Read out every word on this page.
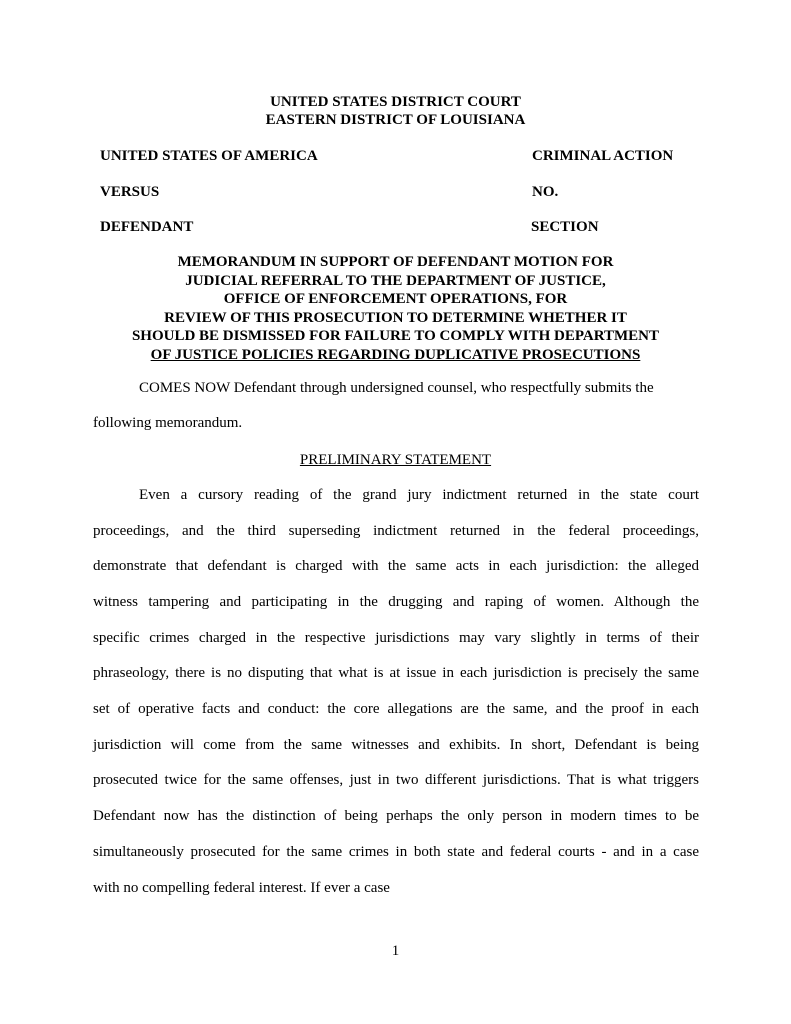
UNITED STATES DISTRICT COURT
EASTERN DISTRICT OF LOUISIANA
UNITED STATES OF AMERICA	CRIMINAL ACTION
VERSUS	NO.
DEFENDANT	SECTION
MEMORANDUM IN SUPPORT OF DEFENDANT MOTION FOR
JUDICIAL REFERRAL TO THE DEPARTMENT OF JUSTICE,
OFFICE OF ENFORCEMENT OPERATIONS, FOR
REVIEW OF THIS PROSECUTION TO DETERMINE WHETHER IT
SHOULD BE DISMISSED FOR FAILURE TO COMPLY WITH DEPARTMENT
OF JUSTICE POLICIES REGARDING DUPLICATIVE PROSECUTIONS
COMES NOW Defendant through undersigned counsel, who respectfully submits the
following memorandum.
PRELIMINARY STATEMENT
Even a cursory reading of the grand jury indictment returned in the state court
proceedings, and the third superseding indictment returned in the federal proceedings,
demonstrate that defendant is charged with the same acts in each jurisdiction: the alleged
witness tampering and participating in the drugging and raping of women. Although the
specific crimes charged in the respective jurisdictions may vary slightly in terms of their
phraseology, there is no disputing that what is at issue in each jurisdiction is precisely the same
set of operative facts and conduct: the core allegations are the same, and the proof in each
jurisdiction will come from the same witnesses and exhibits. In short, Defendant is being
prosecuted twice for the same offenses, just in two different jurisdictions. That is what triggers
Defendant now has the distinction of being perhaps the only person in modern times to be
simultaneously prosecuted for the same crimes in both state and federal courts - and in a case
with no compelling federal interest. If ever a case
1
